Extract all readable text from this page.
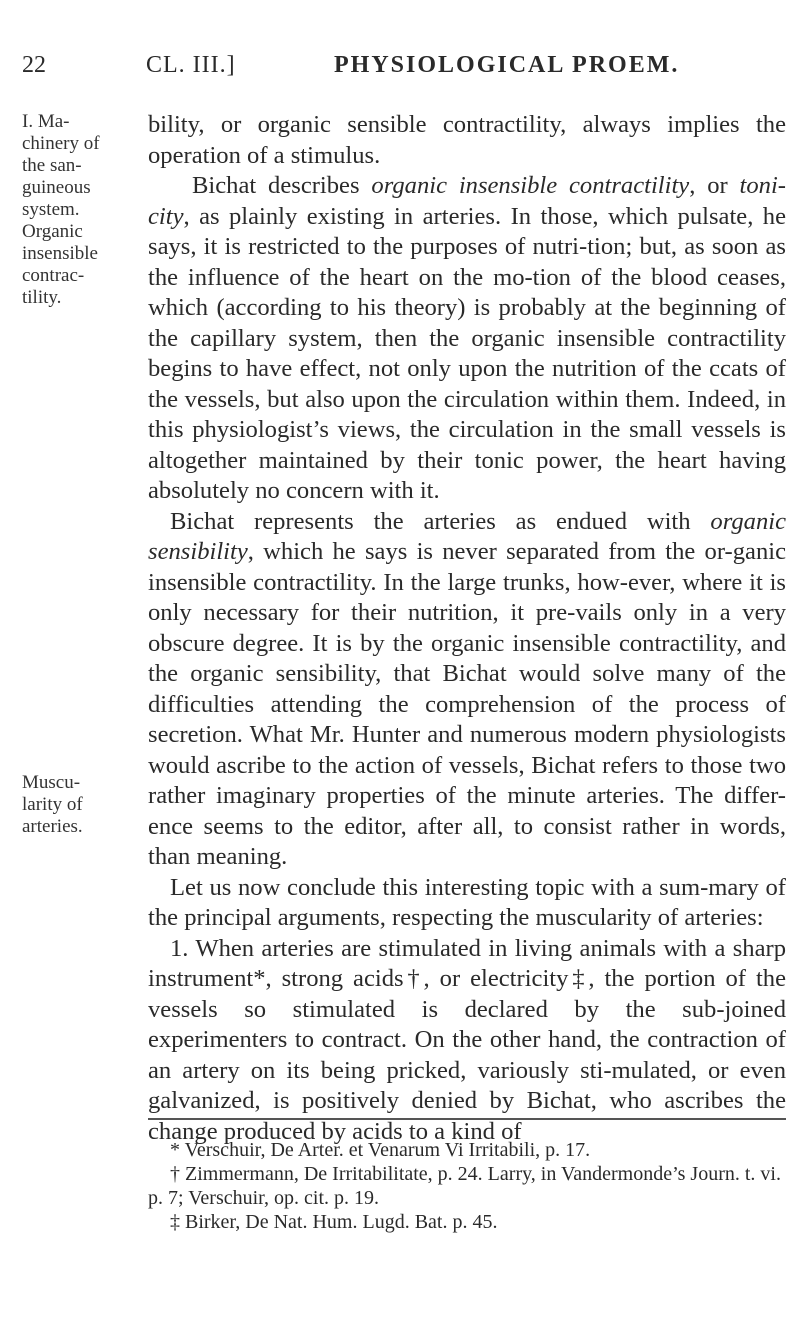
22	CL. III.]	PHYSIOLOGICAL PROEM.
I. Ma-
chinery of
the san-
guineous
system.
Organic
insensible
contrac-
tility.
Muscu-
larity of
arteries.

bility, or organic sensible contractility, always implies the operation of a stimulus.

Bichat describes organic insensible contractility, or toni-city, as plainly existing in arteries. In those, which pulsate, he says, it is restricted to the purposes of nutri-tion; but, as soon as the influence of the heart on the mo-tion of the blood ceases, which (according to his theory) is probably at the beginning of the capillary system, then the organic insensible contractility begins to have effect, not only upon the nutrition of the ccats of the vessels, but also upon the circulation within them. Indeed, in this physiologist’s views, the circulation in the small vessels is altogether maintained by their tonic power, the heart having absolutely no concern with it.

Bichat represents the arteries as endued with organic sensibility, which he says is never separated from the or-ganic insensible contractility. In the large trunks, how-ever, where it is only necessary for their nutrition, it pre-vails only in a very obscure degree. It is by the organic insensible contractility, and the organic sensibility, that Bichat would solve many of the difficulties attending the comprehension of the process of secretion. What Mr. Hunter and numerous modern physiologists would ascribe to the action of vessels, Bichat refers to those two rather imaginary properties of the minute arteries. The differ-ence seems to the editor, after all, to consist rather in words, than meaning.

Let us now conclude this interesting topic with a sum-mary of the principal arguments, respecting the muscularity of arteries:

1. When arteries are stimulated in living animals with a sharp instrument*, strong acids†, or electricity‡, the portion of the vessels so stimulated is declared by the sub-joined experimenters to contract. On the other hand, the contraction of an artery on its being pricked, variously sti-mulated, or even galvanized, is positively denied by Bichat, who ascribes the change produced by acids to a kind of

* Verschuir, De Arter. et Venarum Vi Irritabili, p. 17.

† Zimmermann, De Irritabilitate, p. 24. Larry, in Vandermonde’s Journ. t. vi. p. 7; Verschuir, op. cit. p. 19.

‡ Birker, De Nat. Hum. Lugd. Bat. p. 45.
